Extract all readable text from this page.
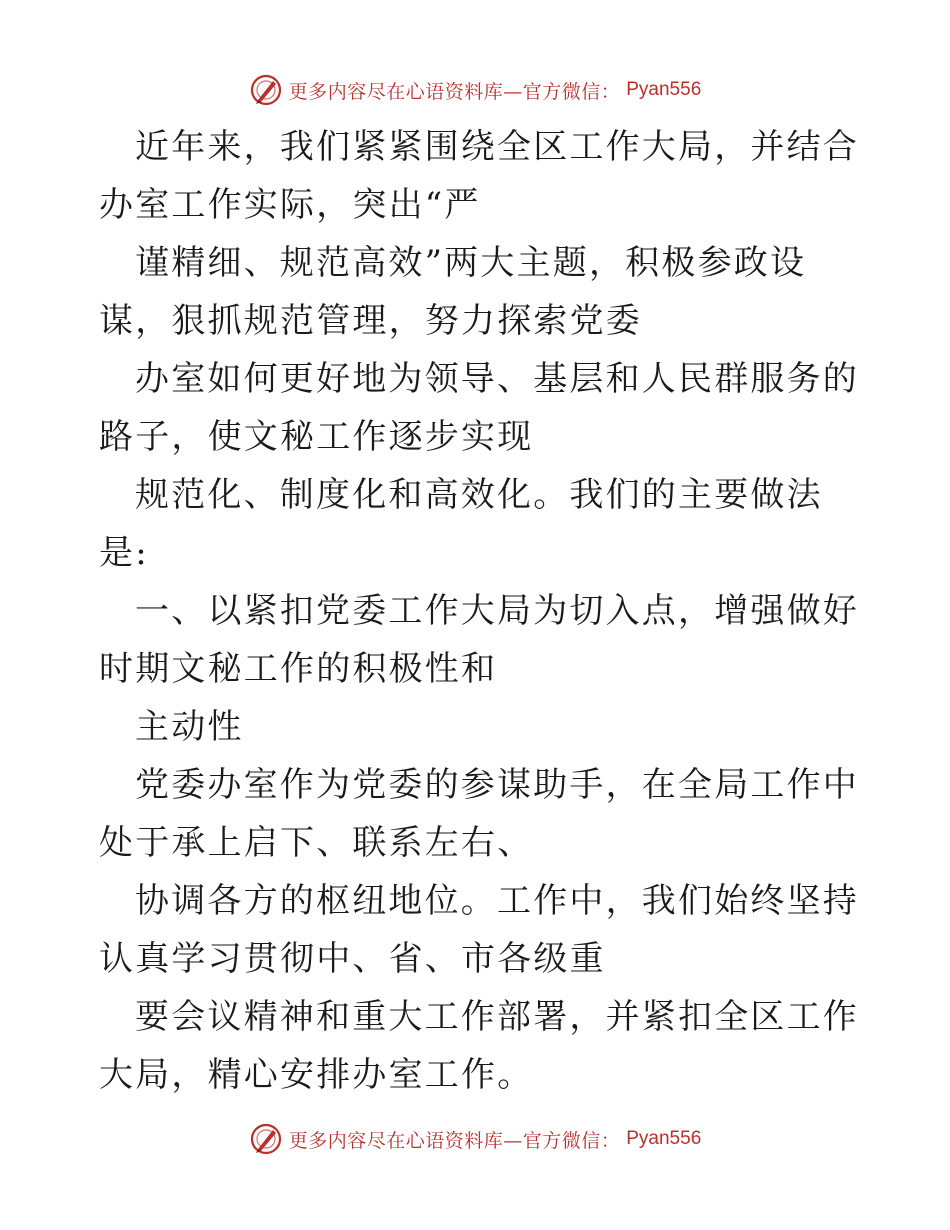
更多内容尽在心语资料库—官方微信： Pyan556

近年来，我们紧紧围绕全区工作大局，并结合办室工作实际，突出“严

谨精细、规范高效”两大主题，积极参政设谋，狠抓规范管理，努力探索党委

办室如何更好地为领导、基层和人民群服务的路子，使文秘工作逐步实现

规范化、制度化和高效化。我们的主要做法是:

一、以紧扣党委工作大局为切入点，增强做好时期文秘工作的积极性和

主动性

党委办室作为党委的参谋助手，在全局工作中处于承上启下、联系左右、

协调各方的枢纽地位。工作中，我们始终坚持认真学习贯彻中、省、市各级重

要会议精神和重大工作部署，并紧扣全区工作大局，精心安排办室工作。

更多内容尽在心语资料库—官方微信： Pyan556
